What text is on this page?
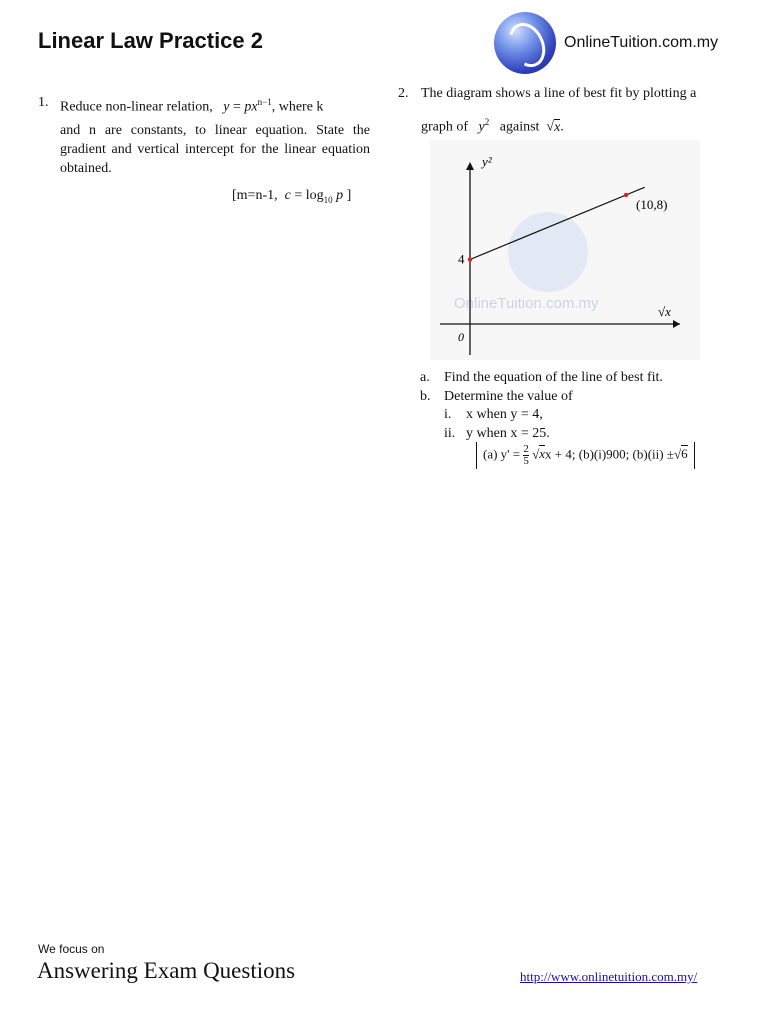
Linear Law Practice 2	OnlineTuition.com.my
1. Reduce non-linear relation, $y = px^{n-1}$, where k
and n are constants, to linear equation. State the gradient and vertical intercept for the linear equation obtained.
[m=n-1, $c = \log_{10} p$ ]
2. The diagram shows a line of best fit by plotting a
graph of $y^2$ against √x.
OnlineTuition.com.my
y²
√x
0
4
(10,8)
a. Find the equation of the line of best fit.
b. Determine the value of
i. x when y = 4,
ii. y when x = 25.
(a) $y' = \frac{2}{5} √xx + 4$; (b)(i)900; (b)(ii) ±√6
We focus on
Answering Exam Questions	http://www.onlinetuition.com.my/
